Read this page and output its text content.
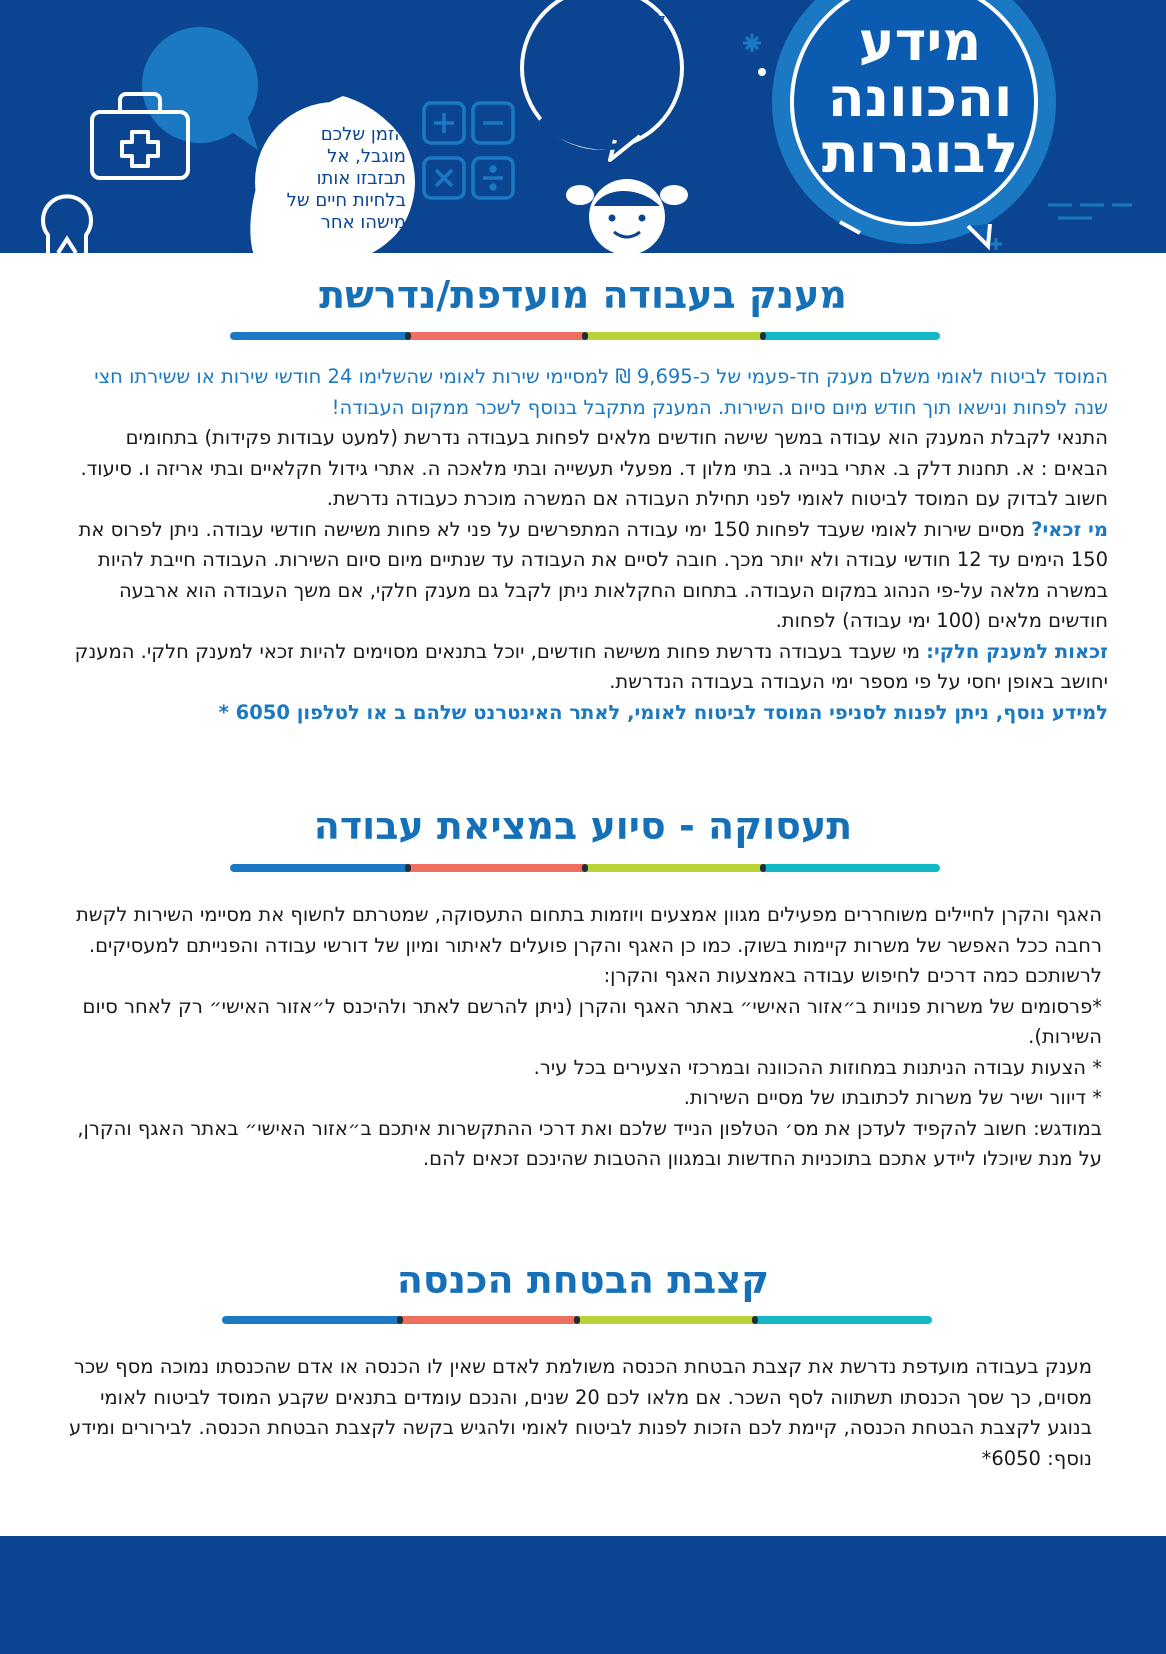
מידע
והכוונה
לבוגרות
לעולם לא
תמצא קשת
בענן, אם תביט
מטה
הזמן שלכם
מוגבל, אל
תבזבזו אותו
בלחיות חיים של
מישהו אחר
מענק בעבודה מועדפת/נדרשת

המוסד לביטוח לאומי משלם מענק חד-פעמי של כ-9,695 ₪ למסיימי שירות לאומי שהשלימו 24 חודשי שירות או ששירתו חצי שנה לפחות וניש​או תוך חודש מיום סיום השירות. המענק מתקבל בנוסף לשכר ממקום העבודה!

התנאי לקבלת המענק הוא עבודה במשך שישה חודשים מלאים לפחות בעבודה נדרשת (למעט עבודות פקידות) בתחומים הבאים : א. תחנות דלק ב. אתרי בנייה ג. בתי מלון ד. מפעלי תעשייה ובתי מלאכה ה. אתרי גידול חקלאיים ובתי אריזה ו. סיעוד.

חשוב לבדוק עם המוסד לביטוח לאומי לפני תחילת העבודה אם המשרה מוכרת כעבודה נדרשת.

מי זכאי? מסיים שירות לאומי שעבד לפחות 150 ימי עבודה המתפרשים על פני לא פחות משישה חודשי עבודה. ניתן לפרוס את 150 הימים עד 12 חודשי עבודה ולא יותר מכך. חובה לסיים את העבודה עד שנתיים מיום סיום השירות. העבודה חייבת להיות במשרה מלאה על-פי הנהוג במקום העבודה. בתחום החקלאות ניתן לקבל גם מענק חלקי, אם משך העבודה הוא ארבעה חודשים מלאים (100 ימי עבודה) לפחות.

זכאות למענק חלקי: מי שעבד בעבודה נדרשת פחות משישה חודשים, יוכל בתנאים מסוימים להיות זכאי למענק חלקי. המענק יחושב באופן יחסי על פי מספר ימי העבודה בעבודה הנדרשת.

למידע נוסף, ניתן לפנות לסניפי המוסד לביטוח לאומי, לאתר האינטרנט שלהם ב או לטלפון 6050 *

תעסוקה - סיוע במציאת עבודה

האגף והקרן לחיילים משוחררים מפעילים מגוון אמצעים ויוזמות בתחום התעסוקה, שמטרתם לחשוף את מסיימי השירות לקשת רחבה ככל האפשר של משרות קיימות בשוק. כמו כן האגף והקרן פועלים לאיתור ומיון של דורשי עבודה והפנייתם למעסיקים.

לרשותכם כמה דרכים לחיפוש עבודה באמצעות האגף והקרן:

*פרסומים של משרות פנויות ב״אזור האישי״ באתר האגף והקרן (ניתן להרשם לאתר ולהיכנס ל״אזור האישי״ רק לאחר סיום השירות).

* הצעות עבודה הניתנות במחוזות ההכוונה ובמרכזי הצעירים בכל עיר.

* דיוור ישיר של משרות לכתובתו של מסיים השירות.

במודגש: חשוב להקפיד לעדכן את מס׳ הטלפון הנייד שלכם ואת דרכי ההתקשרות איתכם ב״אזור האישי״ באתר האגף והקרן, על מנת שיוכלו ליידע אתכם בתוכניות החדשות ובמגוון ההטבות שהינכם זכאים להם.

קצבת הבטחת הכנסה

מענק בעבודה מועדפת נדרשת את קצבת הבטחת הכנסה משולמת לאדם שאין לו הכנסה או אדם שהכנסתו נמוכה מסף שכר מסוים, כך שסך הכנסתו תשתווה לסף השכר. אם מלאו לכם 20 שנים, והנכם עומדים בתנאים שקבע המוסד לביטוח לאומי בנוגע לקצבת הבטחת הכנסה, קיימת לכם הזכות לפנות לביטוח לאומי ולהגיש בקשה לקצבת הבטחת הכנסה. לבירורים ומידע נוסף: 6050*
